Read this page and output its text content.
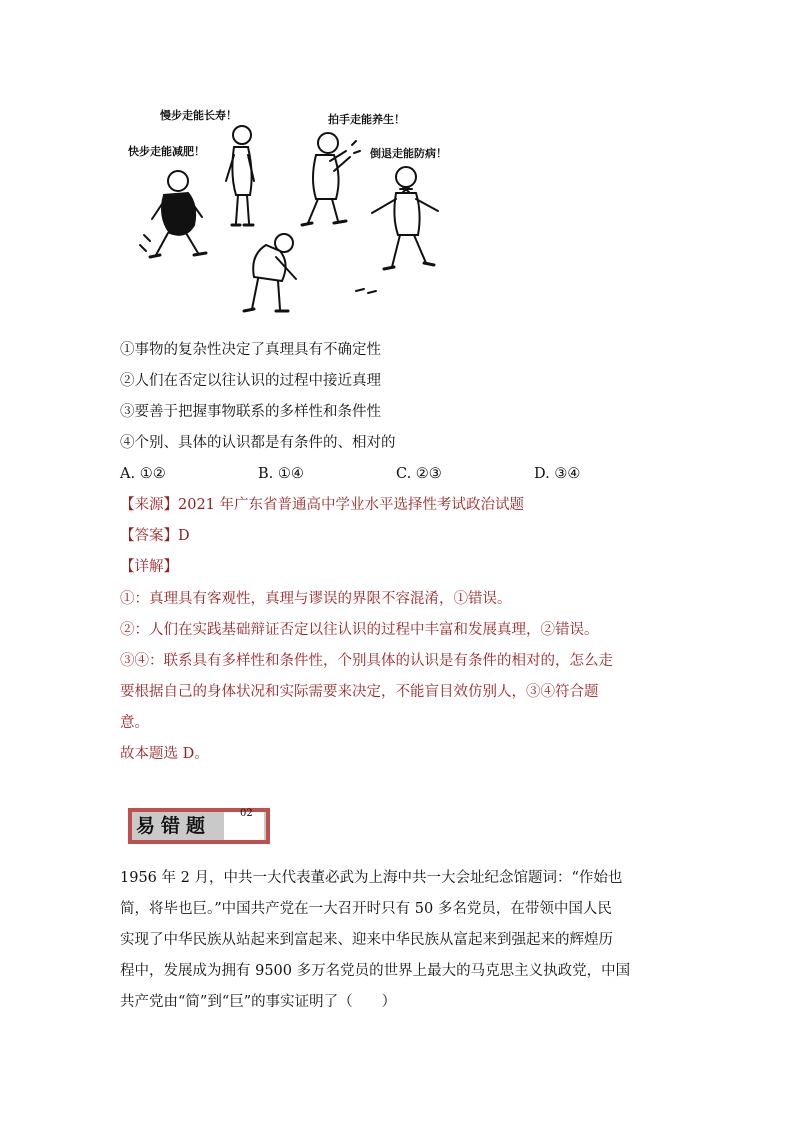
慢步走能长寿！	拍手走能养生！
快步走能减肥！	倒退走能防病！
①事物的复杂性决定了真理具有不确定性
②人们在否定以往认识的过程中接近真理
③要善于把握事物联系的多样性和条件性
④个别、具体的认识都是有条件的、相对的
A. ①②	B. ①④	C. ②③	D. ③④
【来源】2021 年广东省普通高中学业水平选择性考试政治试题
【答案】D
【详解】
①：真理具有客观性，真理与谬误的界限不容混淆，①错误。
②：人们在实践基础辩证否定以往认识的过程中丰富和发展真理，②错误。
③④：联系具有多样性和条件性，个别具体的认识是有条件的相对的，怎么走
要根据自己的身体状况和实际需要来决定，不能盲目效仿别人，③④符合题
意。
故本题选 D。
易错题
02
1956 年 2 月，中共一大代表董必武为上海中共一大会址纪念馆题词：“作始也
简，将毕也巨。”中国共产党在一大召开时只有 50 多名党员，在带领中国人民
实现了中华民族从站起来到富起来、迎来中华民族从富起来到强起来的辉煌历
程中，发展成为拥有 9500 多万名党员的世界上最大的马克思主义执政党，中国
共产党由“简”到“巨”的事实证明了（　　）
